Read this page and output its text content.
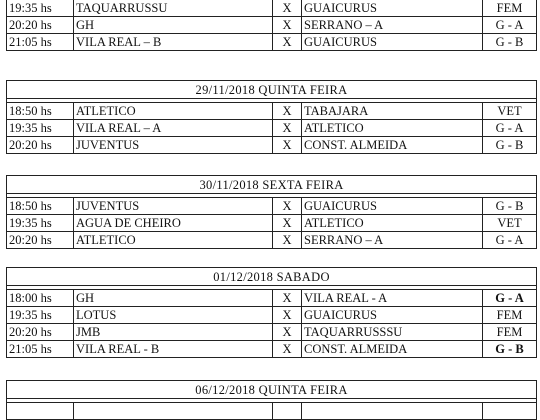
19:35 hs	TAQUARRUSSU	X	GUAICURUS	FEM
20:20 hs	GH	X	SERRANO – A	G - A
21:05 hs	VILA REAL – B	X	GUAICURUS	G - B
29/11/2018 QUINTA FEIRA				

18:50 hs	ATLETICO	X	TABAJARA	VET
19:35 hs	VILA REAL – A	X	ATLETICO	G - A
20:20 hs	JUVENTUS	X	CONST. ALMEIDA	G - B
30/11/2018 SEXTA FEIRA				

18:50 hs	JUVENTUS	X	GUAICURUS	G - B
19:35 hs	AGUA DE CHEIRO	X	ATLETICO	VET
20:20 hs	ATLETICO	X	SERRANO – A	G - A
01/12/2018 SABADO				

18:00 hs	GH	X	VILA REAL - A	G - A
19:35 hs	LOTUS	X	GUAICURUS	FEM
20:20 hs	JMB	X	TAQUARRUSSSU	FEM
21:05 hs	VILA REAL - B	X	CONST. ALMEIDA	G - B
06/12/2018 QUINTA FEIRA
